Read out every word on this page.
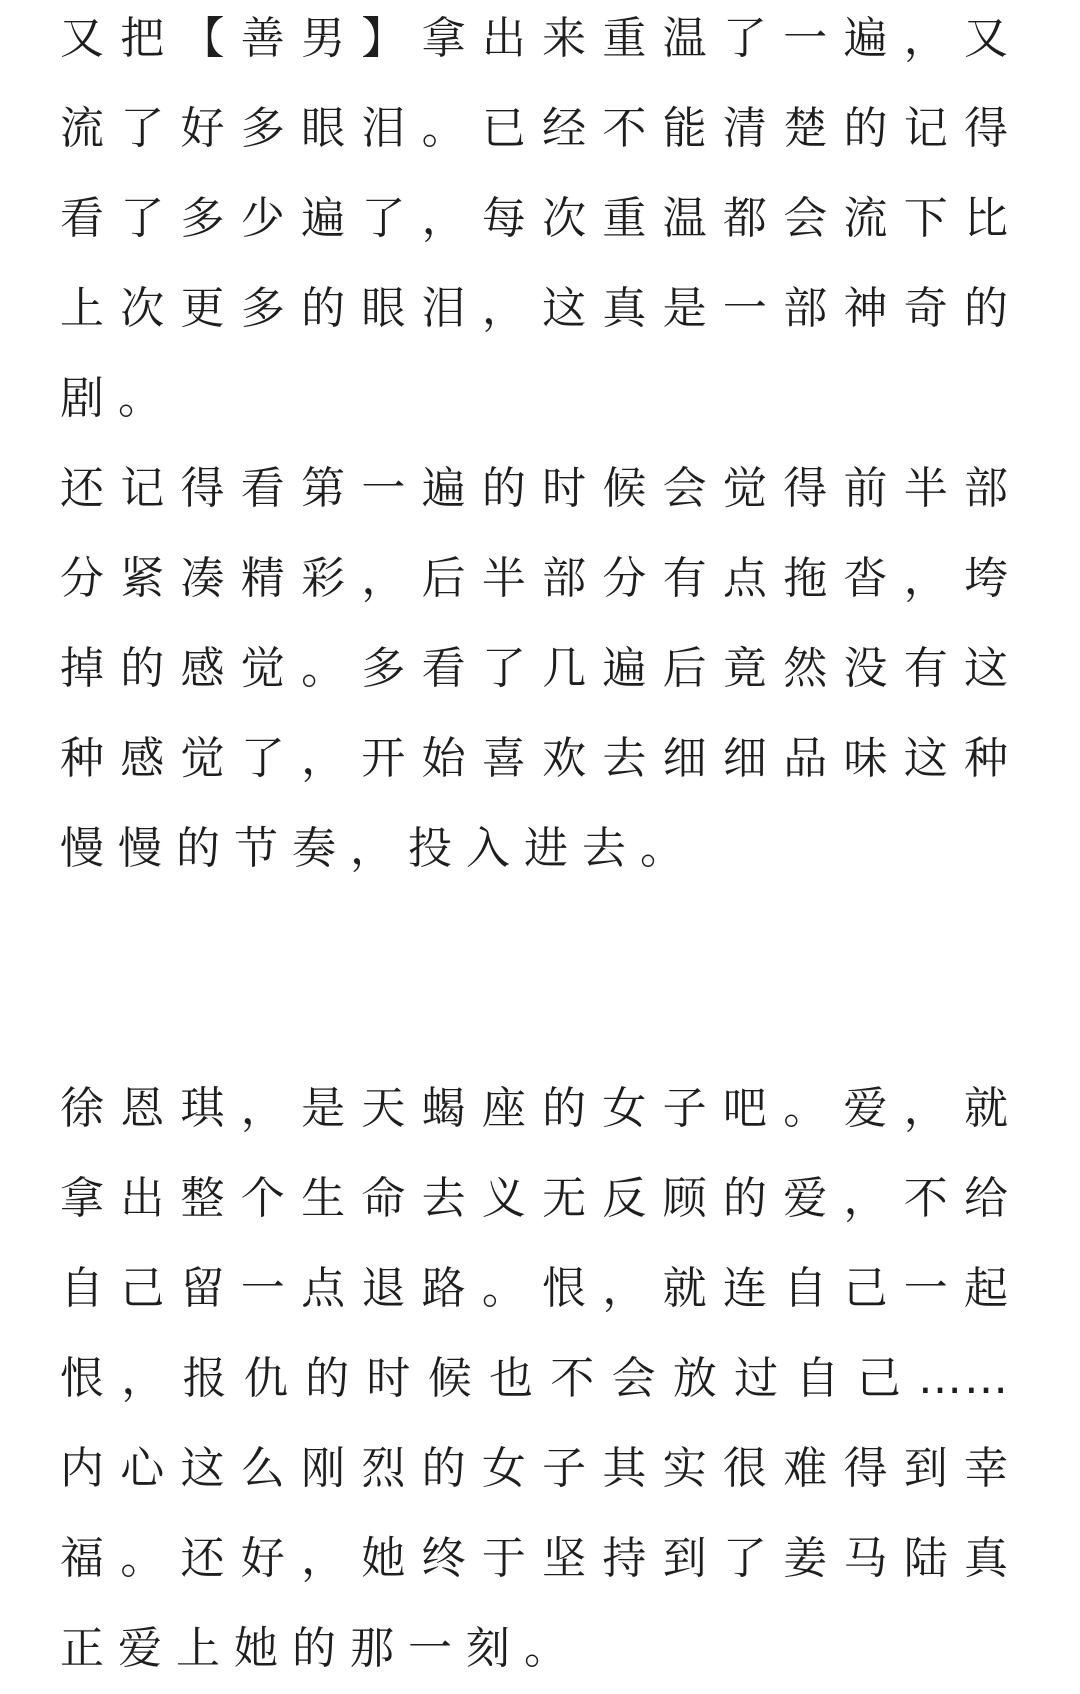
又把【善男】拿出来重温了一遍，又
流了好多眼泪。已经不能清楚的记得
看了多少遍了，每次重温都会流下比
上次更多的眼泪，这真是一部神奇的
剧。
还记得看第一遍的时候会觉得前半部
分紧凑精彩，后半部分有点拖沓，垮
掉的感觉。多看了几遍后竟然没有这
种感觉了，开始喜欢去细细品味这种
慢慢的节奏，投入进去。
徐恩琪，是天蝎座的女子吧。爱，就
拿出整个生命去义无反顾的爱，不给
自己留一点退路。恨，就连自己一起
恨，报仇的时候也不会放过自己……
内心这么刚烈的女子其实很难得到幸
福。还好，她终于坚持到了姜马陆真
正爱上她的那一刻。
